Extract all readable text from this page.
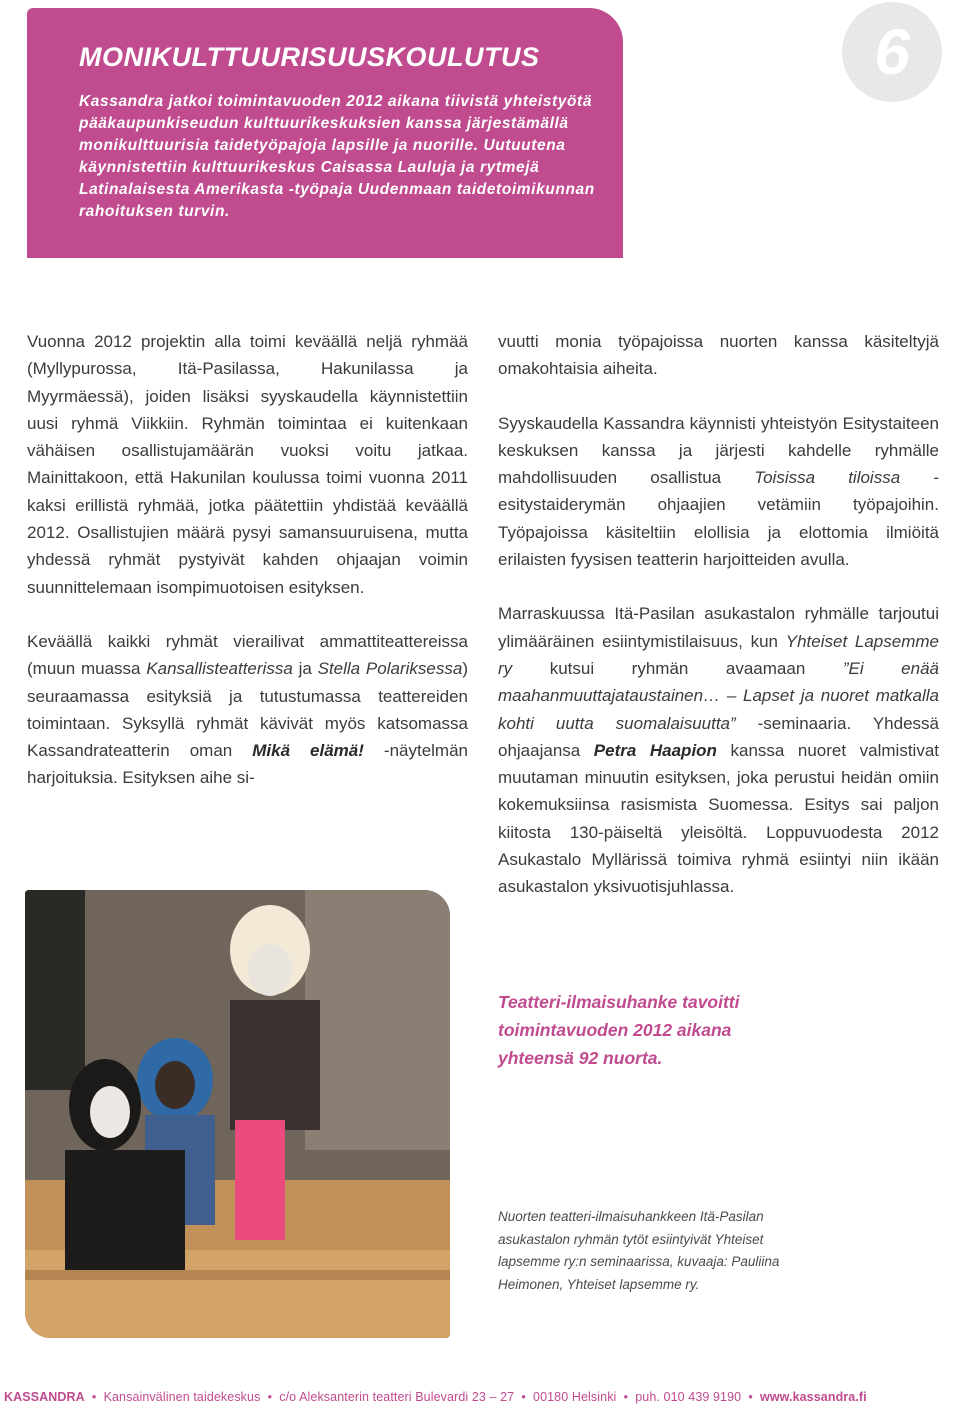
MONIKULTTUURISUUSKOULUTUS

Kassandra jatkoi toimintavuoden 2012 aikana tiivistä yhteistyötä pääkaupunkiseudun kulttuurikeskuksien kanssa järjestämällä monikulttuurisia taidetyöpajoja lapsille ja nuorille. Uutuutena käynnistettiin kulttuurikeskus Caisassa Lauluja ja rytmejä Latinalaisesta Amerikasta -työpaja Uudenmaan taidetoimikunnan rahoituksen turvin.

6

Vuonna 2012 projektin alla toimi keväällä neljä ryhmää (Myllypurossa, Itä-Pasilassa, Hakunilassa ja Myyrmäessä), joiden lisäksi syyskaudella käynnistettiin uusi ryhmä Viikkiin. Ryhmän toimintaa ei kuitenkaan vähäisen osallistujamäärän vuoksi voitu jatkaa. Mainittakoon, että Hakunilan koulussa toimi vuonna 2011 kaksi erillistä ryhmää, jotka päätettiin yhdistää keväällä 2012. Osallistujien määrä pysyi samansuuruisena, mutta yhdessä ryhmät pystyivät kahden ohjaajan voimin suunnittelemaan isompimuotoisen esityksen.

Keväällä kaikki ryhmät vierailivat ammattiteattereissa (muun muassa Kansallisteatterissa ja Stella Polariksessa) seuraamassa esityksiä ja tutustumassa teattereiden toimintaan. Syksyllä ryhmät kävivät myös katsomassa Kassandrateatterin oman Mikä elämä! -näytelmän harjoituksia. Esityksen aihe si-

vuutti monia työpajoissa nuorten kanssa käsiteltyjä omakohtaisia aiheita.

Syyskaudella Kassandra käynnisti yhteistyön Esitystaiteen keskuksen kanssa ja järjesti kahdelle ryhmälle mahdollisuuden osallistua Toisissa tiloissa -esitystaiderymän ohjaajien vetämiin työpajoihin. Työpajoissa käsiteltiin elollisia ja elottomia ilmiöitä erilaisten fyysisen teatterin harjoitteiden avulla.

Marraskuussa Itä-Pasilan asukastalon ryhmälle tarjoutui ylimääräinen esiintymistilaisuus, kun Yhteiset Lapsemme ry kutsui ryhmän avaamaan ”Ei enää maahanmuuttajataustainen… – Lapset ja nuoret matkalla kohti uutta suomalaisuutta” -seminaaria. Yhdessä ohjaajansa Petra Haapion kanssa nuoret valmistivat muutaman minuutin esityksen, joka perustui heidän omiin kokemuksiinsa rasismista Suomessa. Esitys sai paljon kiitosta 130-päiseltä yleisöltä. Loppuvuodesta 2012 Asukastalo Myllärissä toimiva ryhmä esiintyi niin ikään asukastalon yksivuotisjuhlassa.

Teatteri-ilmaisuhanke tavoitti toimintavuoden 2012 aikana yhteensä 92 nuorta.
Nuorten teatteri-ilmaisuhankkeen Itä-Pasilan asukastalon ryhmän tytöt esiintyivät Yhteiset lapsemme ry:n seminaarissa, kuvaaja: Pauliina Heimonen, Yhteiset lapsemme ry.
KASSANDRA • Kansainvälinen taidekeskus • c/o Aleksanterin teatteri Bulevardi 23 – 27 • 00180 Helsinki • puh. 010 439 9190 • www.kassandra.fi
